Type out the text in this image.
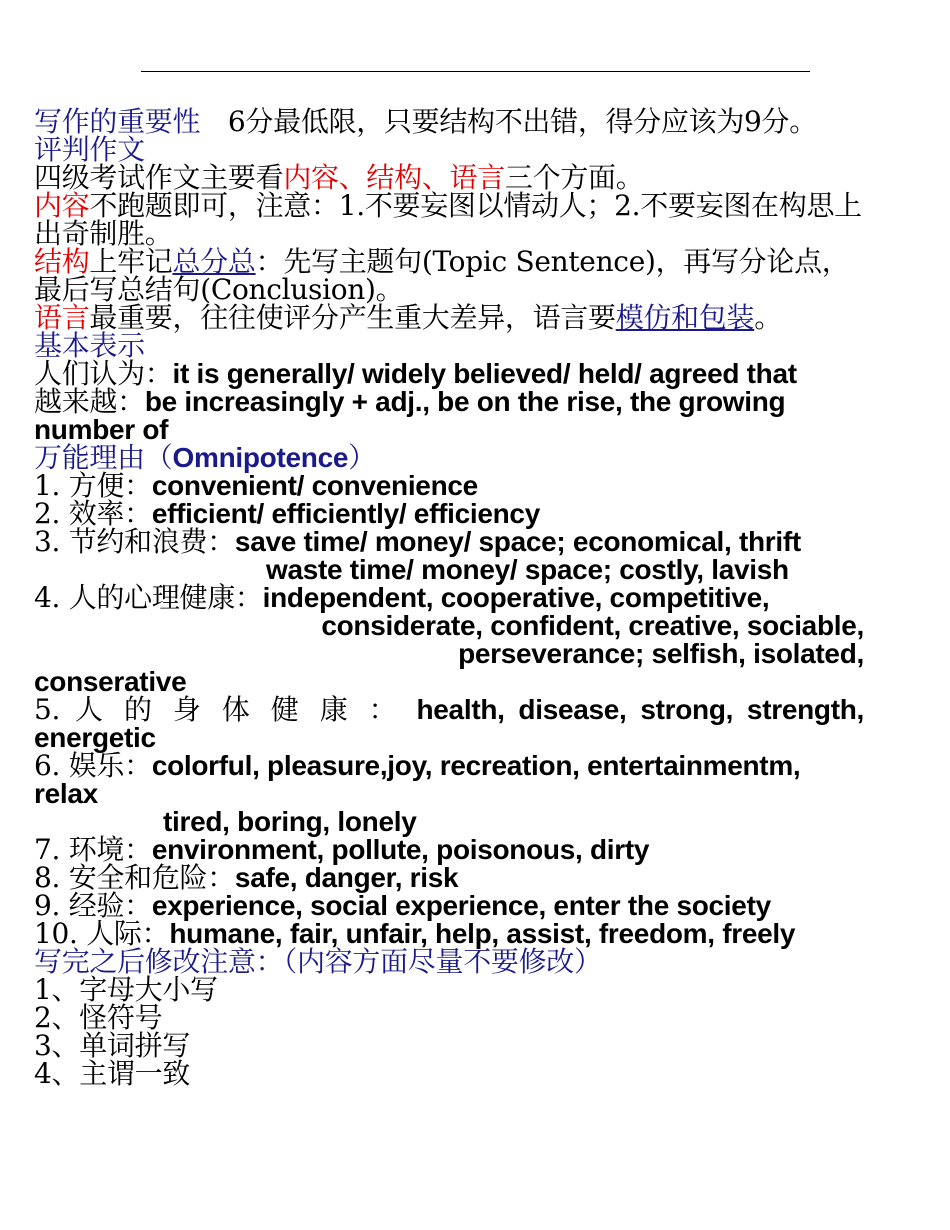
写作的重要性　 6分最低限，只要结构不出错，得分应该为9分。
评判作文
四级考试作文主要看内容、结构、语言三个方面。
内容不跑题即可，注意：1.不要妄图以情动人；2.不要妄图在构思上出奇制胜。
结构上牢记总分总：先写主题句(Topic Sentence)，再写分论点，最后写总结句(Conclusion)。
语言最重要，往往使评分产生重大差异，语言要模仿和包装。
基本表示
人们认为：it is generally/ widely believed/ held/ agreed that
越来越：be increasingly + adj., be on the rise, the growing number of
万能理由（Omnipotence）
1. 方便：convenient/ convenience
2. 效率：efficient/ efficiently/ efficiency
3. 节约和浪费：save time/ money/ space; economical, thrift
waste time/ money/ space; costly, lavish
4. 人的心理健康：independent, cooperative, competitive,
considerate, confident, creative, sociable,
perseverance; selfish, isolated,
conserative
5. 人 的 身 体 健 康 ： health, disease, strong, strength,
energetic
6. 娱乐：colorful, pleasure,joy, recreation, entertainmentm,
relax
tired, boring, lonely
7. 环境：environment, pollute, poisonous, dirty
8. 安全和危险：safe, danger, risk
9. 经验：experience, social experience, enter the society
10. 人际：humane, fair, unfair, help, assist, freedom, freely
写完之后修改注意：（内容方面尽量不要修改）
1、字母大小写
2、怪符号
3、单词拼写
4、主谓一致
